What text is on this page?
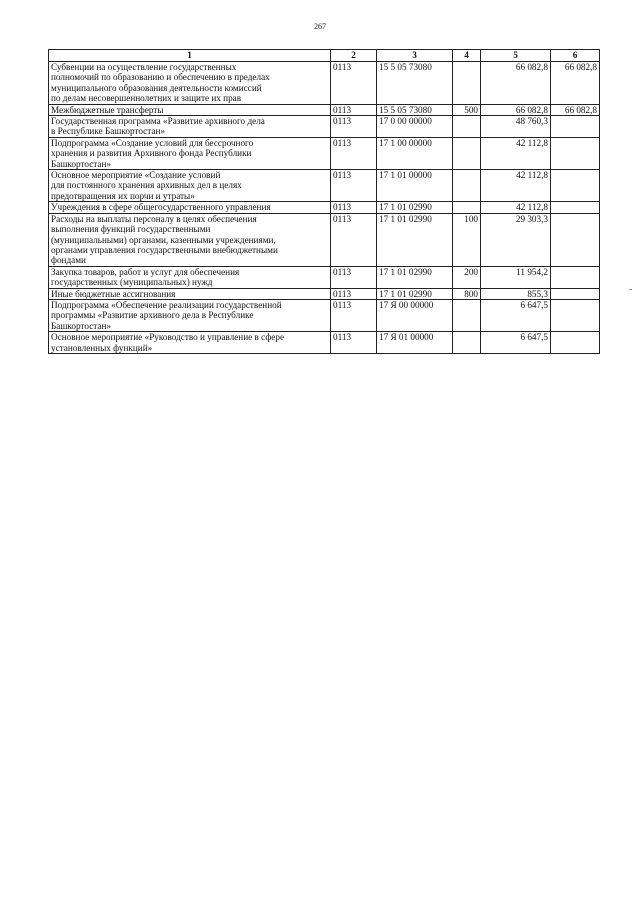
267
1	2	3	4	5	6

Субвенции на осуществление государственных
полномочий по образованию и обеспечению в пределах
муниципального образования деятельности комиссий
по делам несовершеннолетних и защите их прав	0113	15 5 05 73080		66 082,8	66 082,8

Межбюджетные трансферты	0113	15 5 05 73080	500	66 082,8	66 082,8

Государственная программа «Развитие архивного дела
в Республике Башкортостан»	0113	17 0 00 00000		48 760,3	

Подпрограмма «Создание условий для бессрочного
хранения и развития Архивного фонда Республики
Башкортостан»	0113	17 1 00 00000		42 112,8	

Основное мероприятие «Создание условий
для постоянного хранения архивных дел в целях
предотвращения их порчи и утраты»	0113	17 1 01 00000		42 112,8	

Учреждения в сфере общегосударственного управления	0113	17 1 01 02990		42 112,8	

Расходы на выплаты персоналу в целях обеспечения
выполнения функций государственными
(муниципальными) органами, казенными учреждениями,
органами управления государственными внебюджетными
фондами	0113	17 1 01 02990	100	29 303,3	

Закупка товаров, работ и услуг для обеспечения
государственных (муниципальных) нужд	0113	17 1 01 02990	200	11 954,2	

Иные бюджетные ассигнования	0113	17 1 01 02990	800	855,3	

Подпрограмма «Обеспечение реализации государственной
программы «Развитие архивного дела в Республике
Башкортостан»	0113	17 Я 00 00000		6 647,5	

Основное мероприятие «Руководство и управление в сфере
установленных функций»	0113	17 Я 01 00000		6 647,5	
